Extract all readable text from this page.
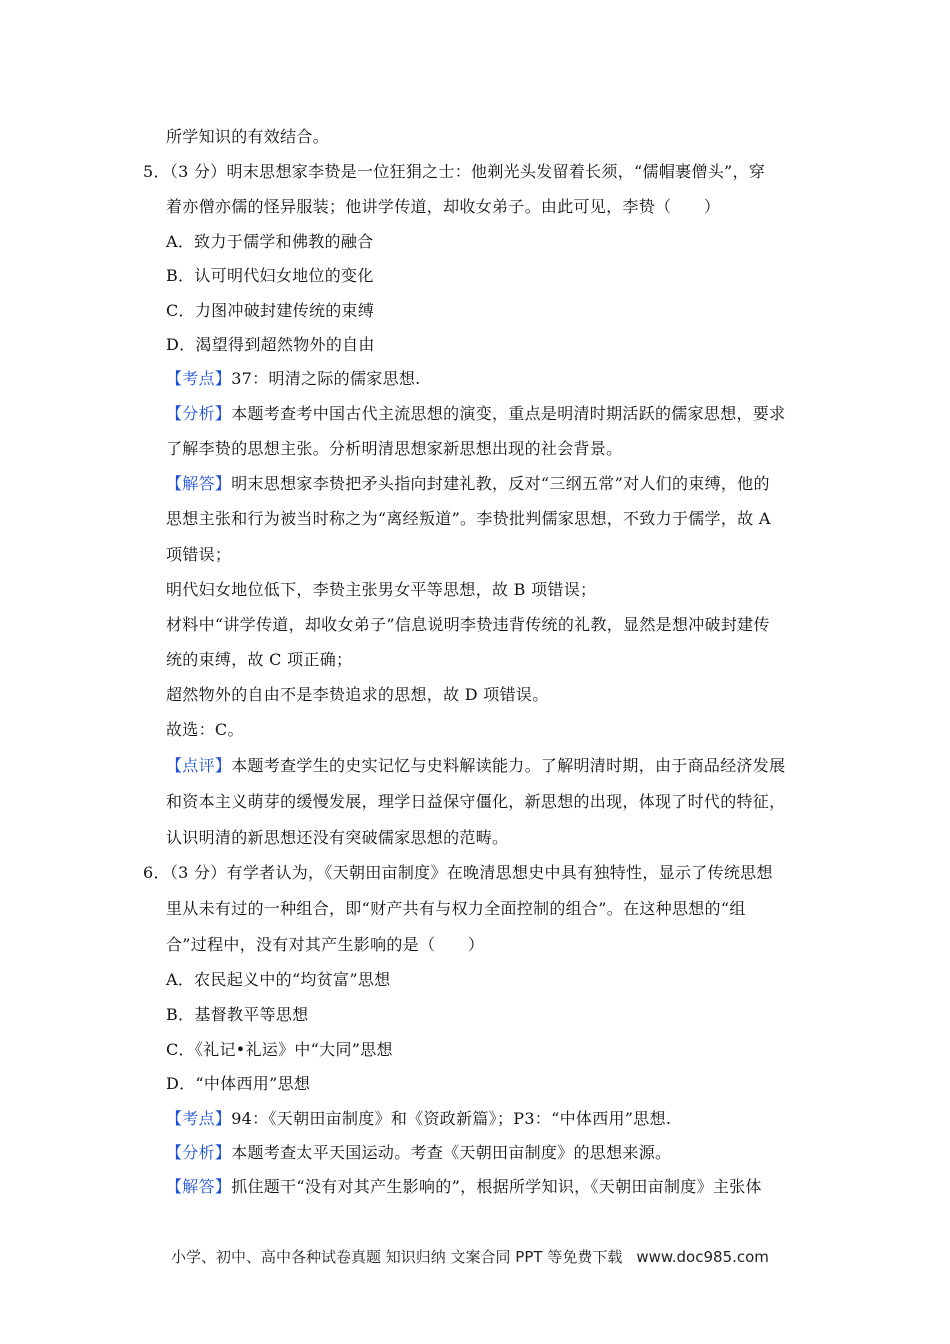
所学知识的有效结合。
5．（3 分）明末思想家李贽是一位狂狷之士：他剃光头发留着长须，“儒帽裹僧头”，穿
着亦僧亦儒的怪异服装；他讲学传道，却收女弟子。由此可见，李贽（　　）
A．致力于儒学和佛教的融合
B．认可明代妇女地位的变化
C．力图冲破封建传统的束缚
D．渴望得到超然物外的自由
【考点】37：明清之际的儒家思想.
【分析】本题考查考中国古代主流思想的演变，重点是明清时期活跃的儒家思想，要求
了解李贽的思想主张。分析明清思想家新思想出现的社会背景。
【解答】明末思想家李贽把矛头指向封建礼教，反对“三纲五常”对人们的束缚，他的
思想主张和行为被当时称之为“离经叛道”。李贽批判儒家思想，不致力于儒学，故 A
项错误；
明代妇女地位低下，李贽主张男女平等思想，故 B 项错误；
材料中“讲学传道，却收女弟子”信息说明李贽违背传统的礼教，显然是想冲破封建传
统的束缚，故 C 项正确；
超然物外的自由不是李贽追求的思想，故 D 项错误。
故选：C。
【点评】本题考查学生的史实记忆与史料解读能力。了解明清时期，由于商品经济发展
和资本主义萌芽的缓慢发展，理学日益保守僵化，新思想的出现，体现了时代的特征，
认识明清的新思想还没有突破儒家思想的范畴。
6．（3 分）有学者认为，《天朝田亩制度》在晚清思想史中具有独特性，显示了传统思想
里从未有过的一种组合，即“财产共有与权力全面控制的组合”。在这种思想的“组
合”过程中，没有对其产生影响的是（　　）
A．农民起义中的“均贫富”思想
B．基督教平等思想
C．《礼记•礼运》中“大同”思想
D．“中体西用”思想
【考点】94：《天朝田亩制度》和《资政新篇》；P3：“中体西用”思想.
【分析】本题考查太平天国运动。考查《天朝田亩制度》的思想来源。
【解答】抓住题干“没有对其产生影响的”，根据所学知识，《天朝田亩制度》主张体
小学、初中、高中各种试卷真题 知识归纳 文案合同 PPT 等免费下载 www.doc985.com
